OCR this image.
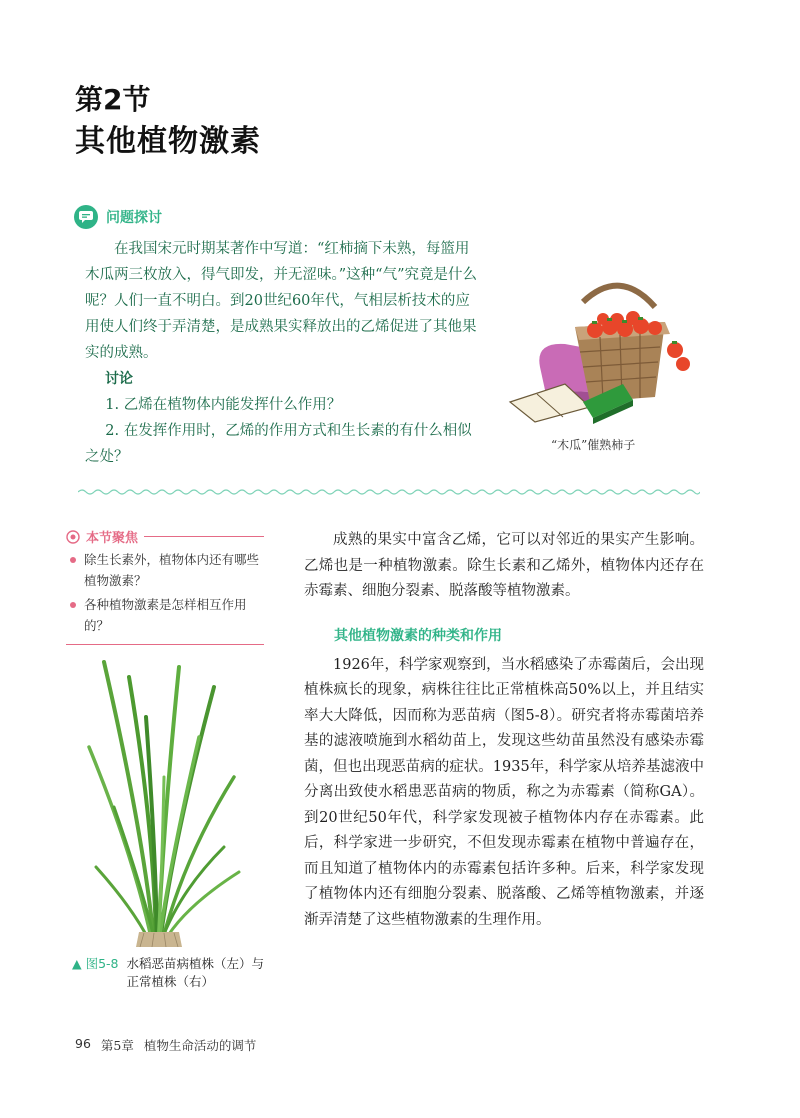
第2节
其他植物激素
问题探讨

在我国宋元时期某著作中写道：“红柿摘下未熟，每篮用木瓜两三枚放入，得气即发，并无涩味。”这种“气”究竟是什么呢？人们一直不明白。到20世纪60年代，气相层析技术的应用使人们终于弄清楚，是成熟果实释放出的乙烯促进了其他果实的成熟。

讨论
1. 乙烯在植物体内能发挥什么作用？
2. 在发挥作用时，乙烯的作用方式和生长素的有什么相似之处？
“木瓜”催熟柿子
本节聚焦
除生长素外，植物体内还有哪些植物激素？
各种植物激素是怎样相互作用的？
▲ 图5-8 水稻恶苗病植株（左）与正常植株（右）

成熟的果实中富含乙烯，它可以对邻近的果实产生影响。乙烯也是一种植物激素。除生长素和乙烯外，植物体内还存在赤霉素、细胞分裂素、脱落酸等植物激素。

其他植物激素的种类和作用

1926年，科学家观察到，当水稻感染了赤霉菌后，会出现植株疯长的现象，病株往往比正常植株高50%以上，并且结实率大大降低，因而称为恶苗病（图5-8）。研究者将赤霉菌培养基的滤液喷施到水稻幼苗上，发现这些幼苗虽然没有感染赤霉菌，但也出现恶苗病的症状。1935年，科学家从培养基滤液中分离出致使水稻患恶苗病的物质，称之为赤霉素（简称GA）。到20世纪50年代，科学家发现被子植物体内存在赤霉素。此后，科学家进一步研究，不但发现赤霉素在植物中普遍存在，而且知道了植物体内的赤霉素包括许多种。后来，科学家发现了植物体内还有细胞分裂素、脱落酸、乙烯等植物激素，并逐渐弄清楚了这些植物激素的生理作用。

96 第5章 植物生命活动的调节
